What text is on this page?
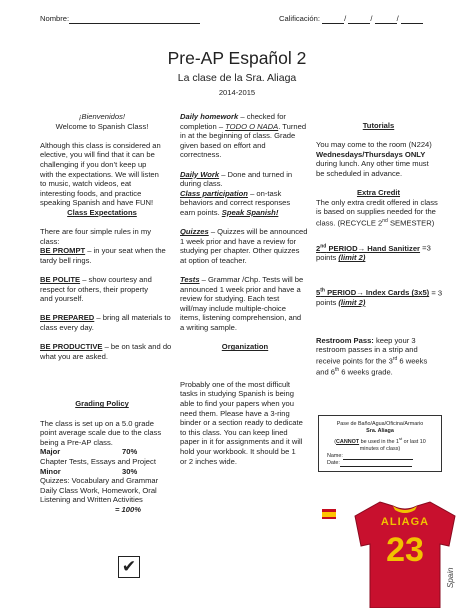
Nombre:	Calificación:	/	/	/
Pre-AP Español 2
La clase de la Sra. Aliaga
2014-2015
¡Bienvenidos!
Welcome to Spanish Class!
Although this class is considered an
elective, you will find that it can be
challenging if you don’t keep up
with the expectations. We will listen
to music, watch videos, eat
interesting foods, and practice
speaking Spanish and have FUN!
Class Expectations
There are four simple rules in my
class:
BE PROMPT – in your seat when the
tardy bell rings.
BE POLITE – show courtesy and
respect for others, their property
and yourself.
BE PREPARED – bring all materials to
class every day.
BE PRODUCTIVE – be on task and do
what you are asked.
Grading Policy
The class is set up on a 5.0 grade
point average scale due to the class
being a Pre-AP class.
Major	70%
Chapter Tests, Essays and Project
Minor	30%
Quizzes: Vocabulary and Grammar
Daily Class Work, Homework, Oral
Listening and Written Activities
= 100%
✔
Daily homework – checked for
completion – TODO O NADA. Turned
in at the beginning of class. Grade
given based on effort and
correctness.
Daily Work – Done and turned in
during class.
Class participation – on-task
behaviors and correct responses
earn points. Speak Spanish!
Quizzes – Quizzes will be announced
1 week prior and have a review for
studying per chapter. Other quizzes
at option of teacher.
Tests – Grammar /Chp. Tests will be
announced 1 week prior and have a
review for studying. Each test
will/may include multiple-choice
items, listening comprehension, and
a writing sample.
Organization
Probably one of the most difficult
tasks in studying Spanish is being
able to find your papers when you
need them. Please have a 3-ring
binder or a section ready to dedicate
to this class. You can keep lined
paper in it for assignments and it will
hold your workbook. It should be 1
or 2 inches wide.
Tutorials
You may come to the room (N224)
Wednesdays/Thursdays ONLY
during lunch. Any other time must
be scheduled in advance.
Extra Credit
The only extra credit offered in class
is based on supplies needed for the
class. (RECYCLE 2nd SEMESTER)
2nd PERIOD→ Hand Sanitizer =3
points (limit 2)
5th PERIOD→ Index Cards (3x5) = 3
points (limit 2)
Restroom Pass: keep your 3
restroom passes in a strip and
receive points for the 3rd 6 weeks
and 6th 6 weeks grade.
Pase de Baño/Agua/Oficina/Armario
Sra. Aliaga
(CANNOT be used in the 1st or last 10
minutes of class)
Name:
Date:
ALIAGA
23
Spain
